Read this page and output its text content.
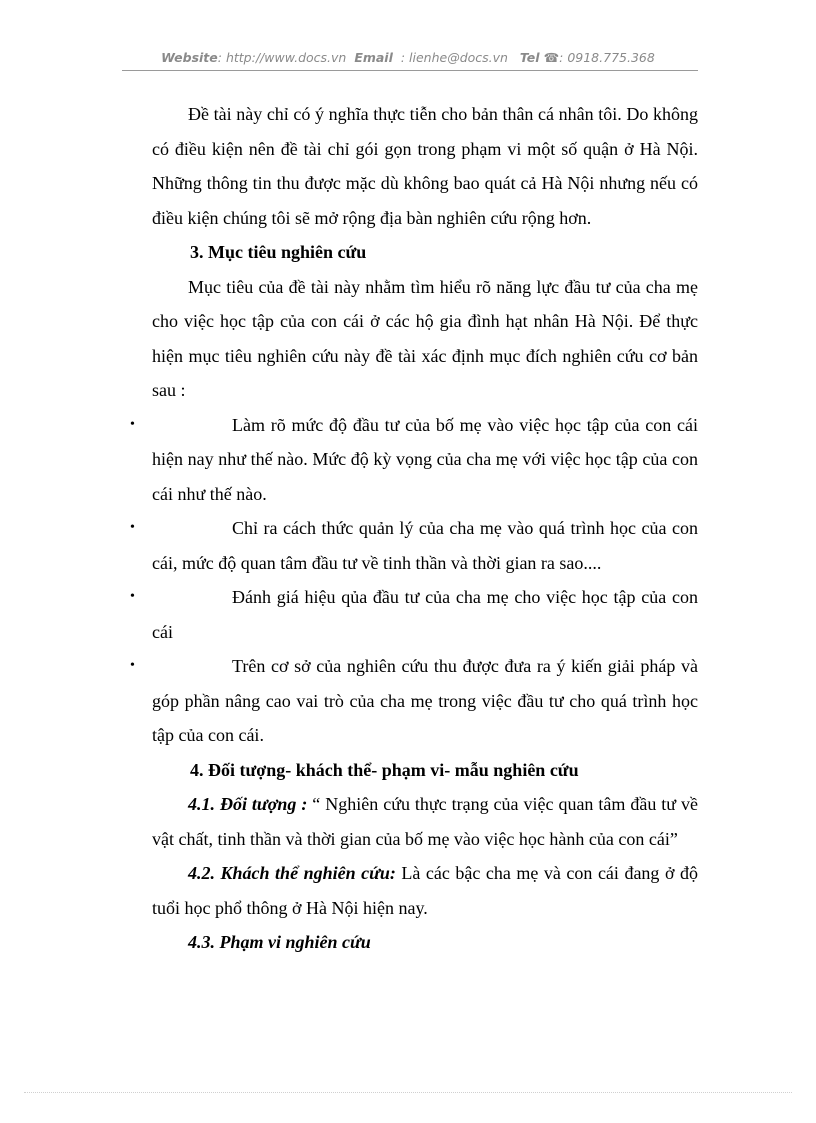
Website: http://www.docs.vn Email : lienhe@docs.vn Tel ☎: 0918.775.368

Đề tài này chỉ có ý nghĩa thực tiễn cho bản thân cá nhân tôi. Do không có điều kiện nên đề tài chỉ gói gọn trong phạm vi một số quận ở Hà Nội. Những thông tin thu được mặc dù không bao quát cả Hà Nội nhưng nếu có điều kiện chúng tôi sẽ mở rộng địa bàn nghiên cứu rộng hơn.

3. Mục tiêu nghiên cứu

Mục tiêu của đề tài này nhằm tìm hiểu rõ năng lực đầu tư của cha mẹ cho việc học tập của con cái ở các hộ gia đình hạt nhân Hà Nội. Để thực hiện mục tiêu nghiên cứu này đề tài xác định mục đích nghiên cứu cơ bản sau :

•	Làm rõ mức độ đầu tư của bố mẹ vào việc học tập của con cái hiện nay như thế nào. Mức độ kỳ vọng của cha mẹ với việc học tập của con cái như thế nào.

•	Chỉ ra cách thức quản lý của cha mẹ vào quá trình học của con cái, mức độ quan tâm đầu tư về tinh thần và thời gian ra sao....

•	Đánh giá hiệu qủa đầu tư của cha mẹ cho việc học tập của con cái

•	Trên cơ sở của nghiên cứu thu được đưa ra ý kiến giải pháp và góp phần nâng cao vai trò của cha mẹ trong việc đầu tư cho quá trình học tập của con cái.

4. Đối tượng- khách thể- phạm vi- mẫu nghiên cứu

4.1. Đối tượng : “ Nghiên cứu thực trạng của việc quan tâm đầu tư về vật chất, tinh thần và thời gian của bố mẹ vào việc học hành của con cái”

4.2. Khách thể nghiên cứu: Là các bậc cha mẹ và con cái đang ở độ tuổi học phổ thông ở Hà Nội hiện nay.

4.3. Phạm vi nghiên cứu
